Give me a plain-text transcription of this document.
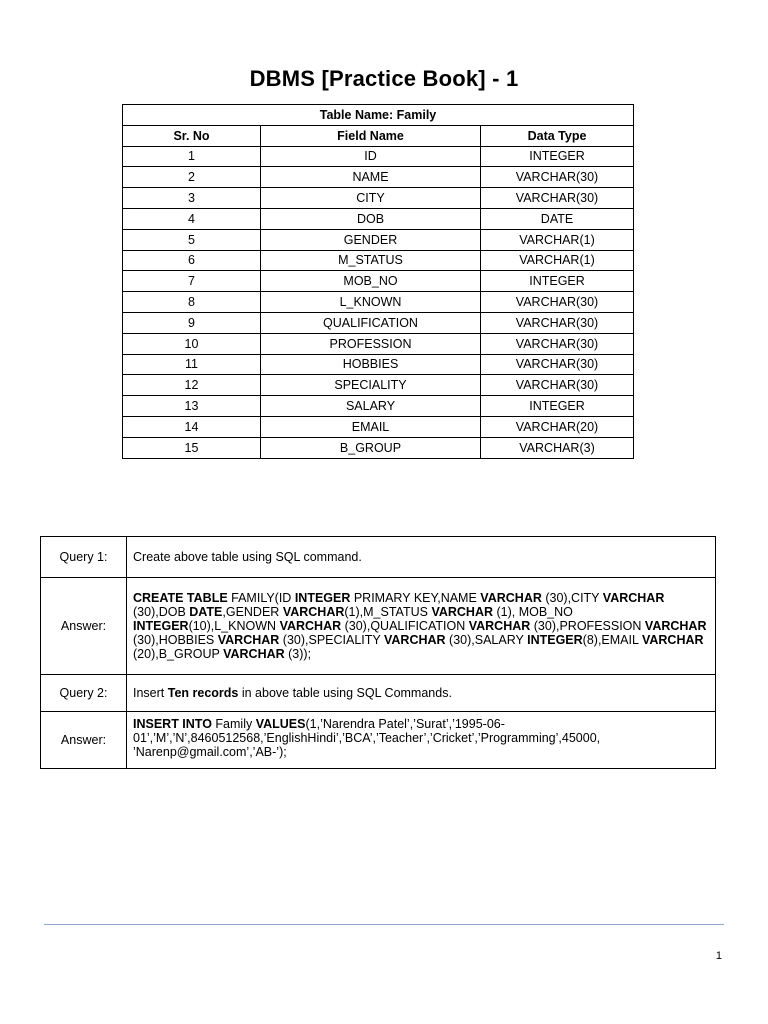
DBMS [Practice Book] - 1
Table Name: Family		
Sr. No	Field Name	Data Type
1	ID	INTEGER
2	NAME	VARCHAR(30)
3	CITY	VARCHAR(30)
4	DOB	DATE
5	GENDER	VARCHAR(1)
6	M_STATUS	VARCHAR(1)
7	MOB_NO	INTEGER
8	L_KNOWN	VARCHAR(30)
9	QUALIFICATION	VARCHAR(30)
10	PROFESSION	VARCHAR(30)
11	HOBBIES	VARCHAR(30)
12	SPECIALITY	VARCHAR(30)
13	SALARY	INTEGER
14	EMAIL	VARCHAR(20)
15	B_GROUP	VARCHAR(3)
Query 1:	Create above table using SQL command.
Answer:	CREATE TABLE FAMILY(ID INTEGER PRIMARY KEY,NAME VARCHAR (30),CITY VARCHAR (30),DOB DATE,GENDER VARCHAR(1),M_STATUS VARCHAR (1), MOB_NO INTEGER(10),L_KNOWN VARCHAR (30),QUALIFICATION VARCHAR (30),PROFESSION VARCHAR (30),HOBBIES VARCHAR (30),SPECIALITY VARCHAR (30),SALARY INTEGER(8),EMAIL VARCHAR (20),B_GROUP VARCHAR (3));
Query 2:	Insert Ten records in above table using SQL Commands.
Answer:	INSERT INTO Family VALUES(1,’Narendra Patel’,’Surat’,’1995-06-01’,’M’,’N’,8460512568,’EnglishHindi’,’BCA’,’Teacher’,’Cricket’,’Programming’,45000, ’Narenp@gmail.com’,’AB-’);
1
